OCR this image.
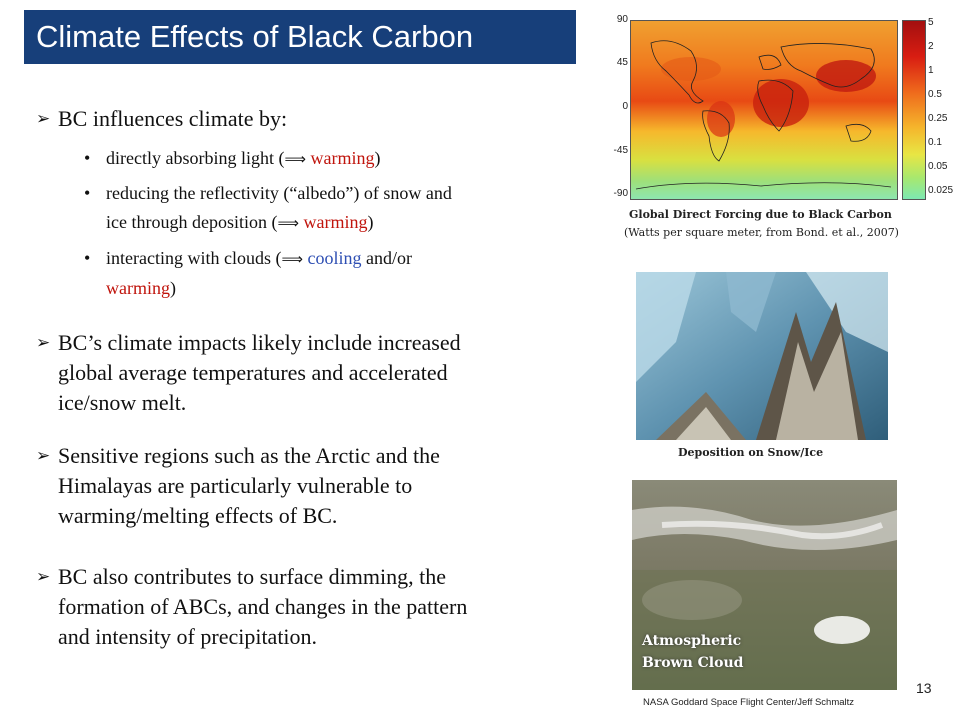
Climate Effects of Black Carbon
➢ BC influences climate by:
• directly absorbing light (⟹ warming)
• reducing the reflectivity (“albedo”) of snow and
ice through deposition (⟹ warming)
• interacting with clouds (⟹ cooling and/or
warming)
➢ BC’s climate impacts likely include increased
global average temperatures and accelerated
ice/snow melt.
➢ Sensitive regions such as the Arctic and the
Himalayas are particularly vulnerable to
warming/melting effects of BC.
➢ BC also contributes to surface dimming, the
formation of ABCs, and changes in the pattern
and intensity of precipitation.
90
45
0
-45
-90
5
2
1
0.5
0.25
0.1
0.05
0.025
Global Direct Forcing due to Black Carbon
(Watts per square meter, from Bond. et al., 2007)
Deposition on Snow/Ice
Atmospheric
Brown Cloud
13
NASA Goddard Space Flight Center/Jeff Schmaltz
